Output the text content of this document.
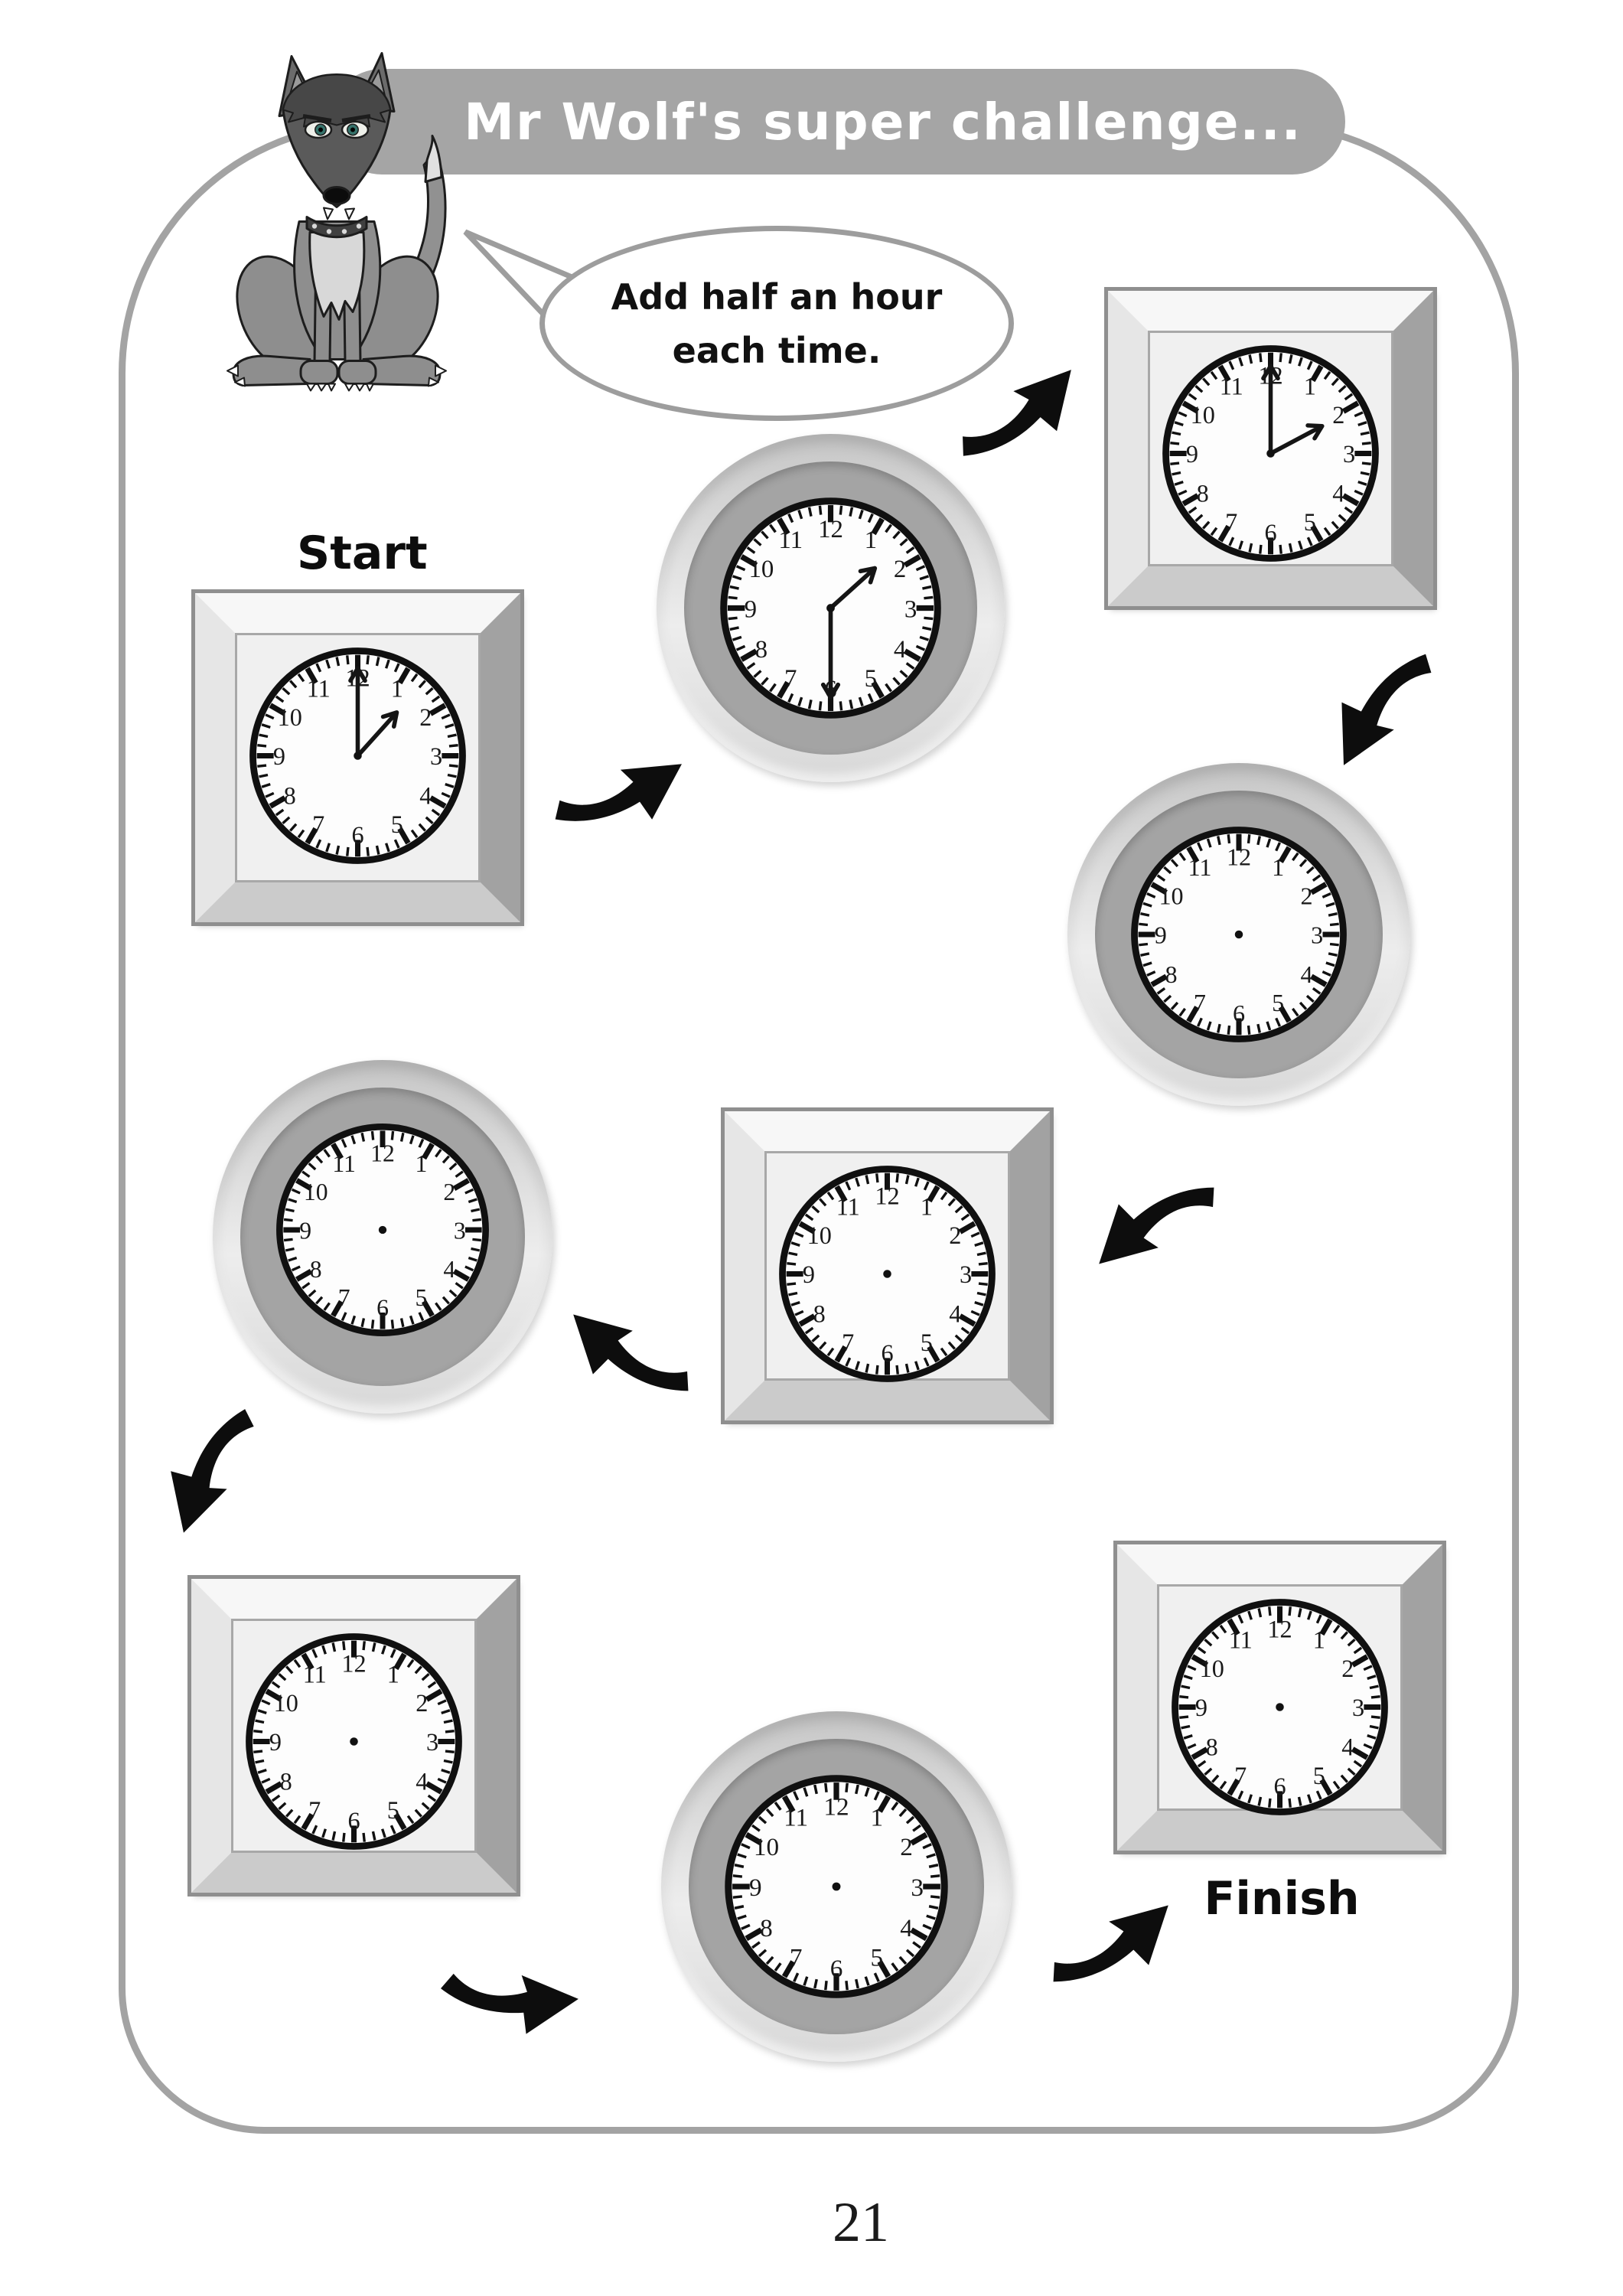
Mr Wolf's super challenge...
Add half an hour
each time.
Start
Finish
12 1
2
3
4
5
6
7
8
9
10
11
12 1
2
3
4
5
6
7
8
9
10
11
12 1
2
3
4
5
6
7
8
9
10
11
12 1
2
3
4
5
6
7
8
9
10
11
12 1
2
3
4
5
6
7
8
9
10
11
12 1
2
3
4
5
6
7
8
9
10
11
12 1
2
3
4
5
6
7
8
9
10
11
12 1
2
3
4
5
6
7
8
9
10
11
12 1
2
3
4
5
6
7
8
9
10
11
21
